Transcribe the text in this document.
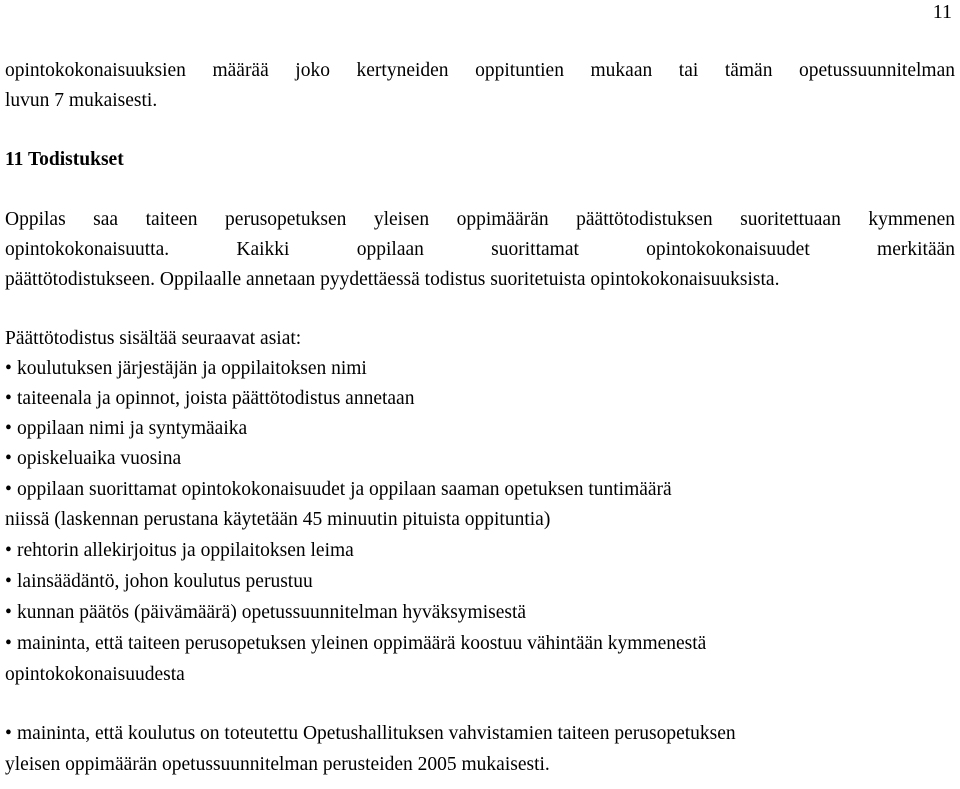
11
opintokokonaisuuksien määrää joko kertyneiden oppituntien mukaan tai tämän opetussuunnitelman
luvun 7 mukaisesti.
11 Todistukset
Oppilas saa taiteen perusopetuksen yleisen oppimäärän päättötodistuksen suoritettuaan kymmenen
opintokokonaisuutta. Kaikki oppilaan suorittamat opintokokonaisuudet merkitään
päättötodistukseen. Oppilaalle annetaan pyydettäessä todistus suoritetuista opintokokonaisuuksista.
Päättötodistus sisältää seuraavat asiat:
• koulutuksen järjestäjän ja oppilaitoksen nimi
• taiteenala ja opinnot, joista päättötodistus annetaan
• oppilaan nimi ja syntymäaika
• opiskeluaika vuosina
• oppilaan suorittamat opintokokonaisuudet ja oppilaan saaman opetuksen tuntimäärä
niissä (laskennan perustana käytetään 45 minuutin pituista oppituntia)
• rehtorin allekirjoitus ja oppilaitoksen leima
• lainsäädäntö, johon koulutus perustuu
• kunnan päätös (päivämäärä) opetussuunnitelman hyväksymisestä
• maininta, että taiteen perusopetuksen yleinen oppimäärä koostuu vähintään kymmenestä
opintokokonaisuudesta
• maininta, että koulutus on toteutettu Opetushallituksen vahvistamien taiteen perusopetuksen
yleisen oppimäärän opetussuunnitelman perusteiden 2005 mukaisesti.
